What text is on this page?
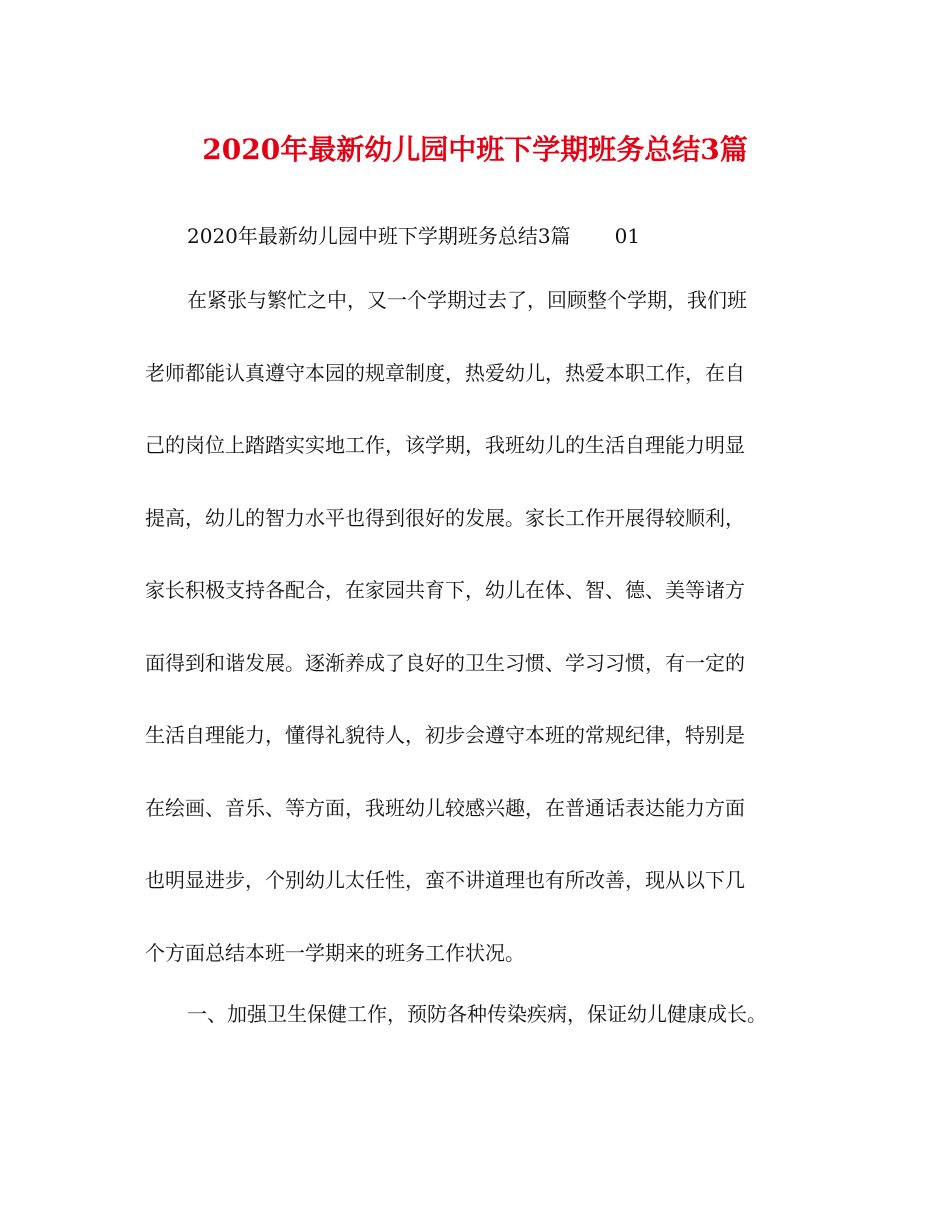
2020年最新幼儿园中班下学期班务总结3篇
2020年最新幼儿园中班下学期班务总结3篇 01
在紧张与繁忙之中，又一个学期过去了，回顾整个学期，我们班
老师都能认真遵守本园的规章制度，热爱幼儿，热爱本职工作，在自
己的岗位上踏踏实实地工作，该学期，我班幼儿的生活自理能力明显
提高，幼儿的智力水平也得到很好的发展。家长工作开展得较顺利，
家长积极支持各配合，在家园共育下，幼儿在体、智、德、美等诸方
面得到和谐发展。逐渐养成了良好的卫生习惯、学习习惯，有一定的
生活自理能力，懂得礼貌待人，初步会遵守本班的常规纪律，特别是
在绘画、音乐、等方面，我班幼儿较感兴趣，在普通话表达能力方面
也明显进步，个别幼儿太任性，蛮不讲道理也有所改善，现从以下几
个方面总结本班一学期来的班务工作状况。
一、加强卫生保健工作，预防各种传染疾病，保证幼儿健康成长。
